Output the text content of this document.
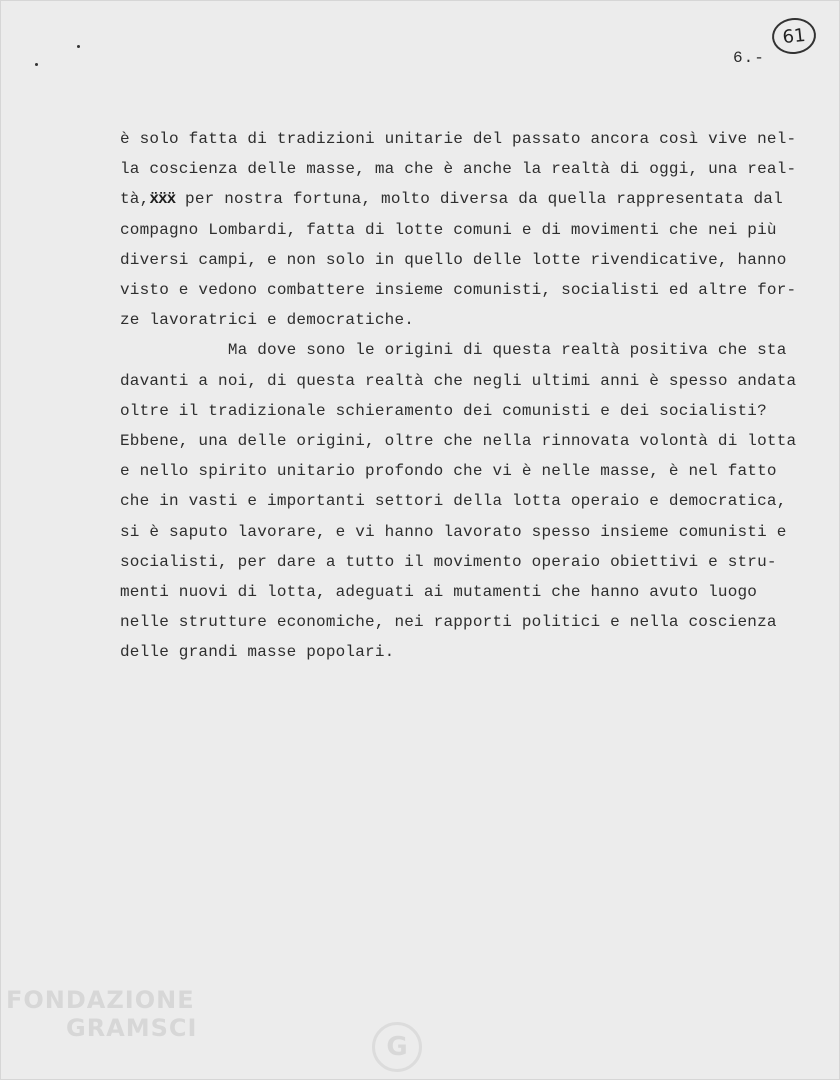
61
6.-
è solo fatta di tradizioni unitarie del passato ancora così vive nel-
la coscienza delle masse, ma che è anche la realtà di oggi, una real-
tà,ẍẍẍ per nostra fortuna, molto diversa da quella rappresentata dal
compagno Lombardi, fatta di lotte comuni e di movimenti che nei più
diversi campi, e non solo in quello delle lotte rivendicative, hanno
visto e vedono combattere insieme comunisti, socialisti ed altre for-
ze lavoratrici e democratiche.
Ma dove sono le origini di questa realtà positiva che sta
davanti a noi, di questa realtà che negli ultimi anni è spesso andata
oltre il tradizionale schieramento dei comunisti e dei socialisti?
Ebbene, una delle origini, oltre che nella rinnovata volontà di lotta
e nello spirito unitario profondo che vi è nelle masse, è nel fatto
che in vasti e importanti settori della lotta operaio e democratica,
si è saputo lavorare, e vi hanno lavorato spesso insieme comunisti e
socialisti, per dare a tutto il movimento operaio obiettivi e stru-
menti nuovi di lotta, adeguati ai mutamenti che hanno avuto luogo
nelle strutture economiche, nei rapporti politici e nella coscienza
delle grandi masse popolari.
FONDAZIONE
GRAMSCI
G
